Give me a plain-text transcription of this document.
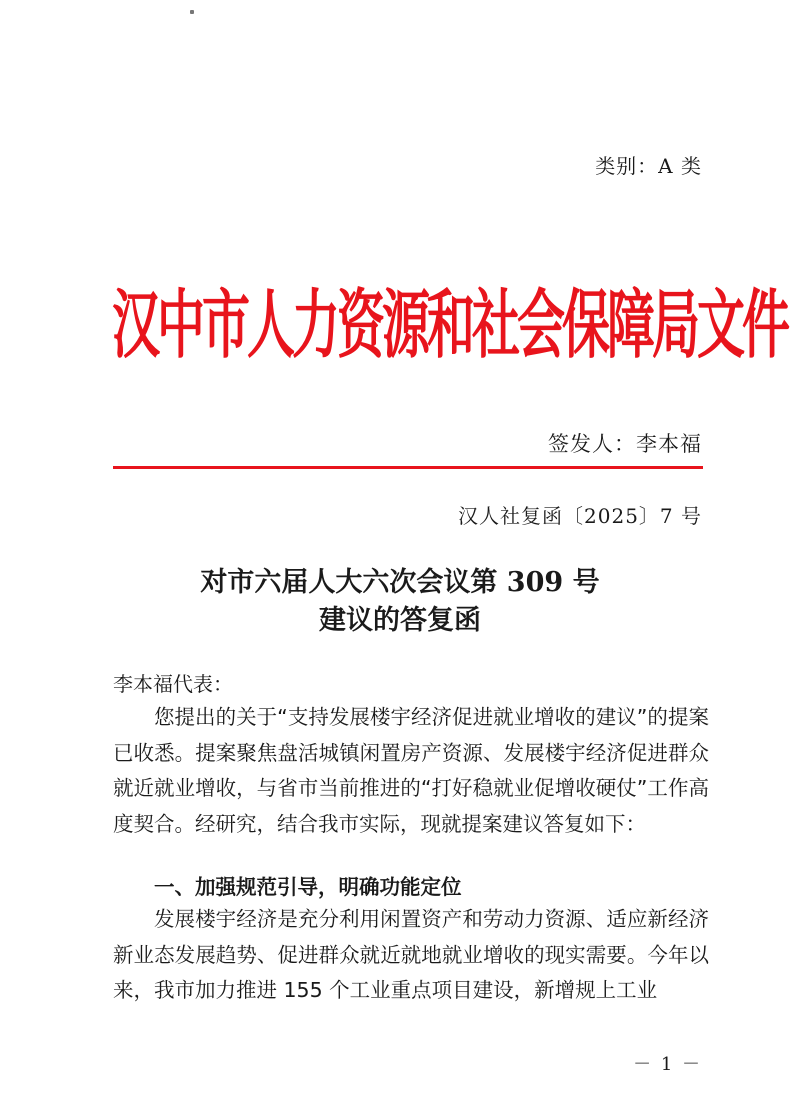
类别：A 类
汉中市人力资源和社会保障局文件
签发人：李本福
汉人社复函〔2025〕7 号
对市六届人大六次会议第 309 号
建议的答复函
李本福代表：
您提出的关于“支持发展楼宇经济促进就业增收的建议”的提案已收悉。提案聚焦盘活城镇闲置房产资源、发展楼宇经济促进群众就近就业增收，与省市当前推进的“打好稳就业促增收硬仗”工作高度契合。经研究，结合我市实际，现就提案建议答复如下：
一、加强规范引导，明确功能定位
发展楼宇经济是充分利用闲置资产和劳动力资源、适应新经济新业态发展趋势、促进群众就近就地就业增收的现实需要。今年以来，我市加力推进 155 个工业重点项目建设，新增规上工业
－ 1 －
